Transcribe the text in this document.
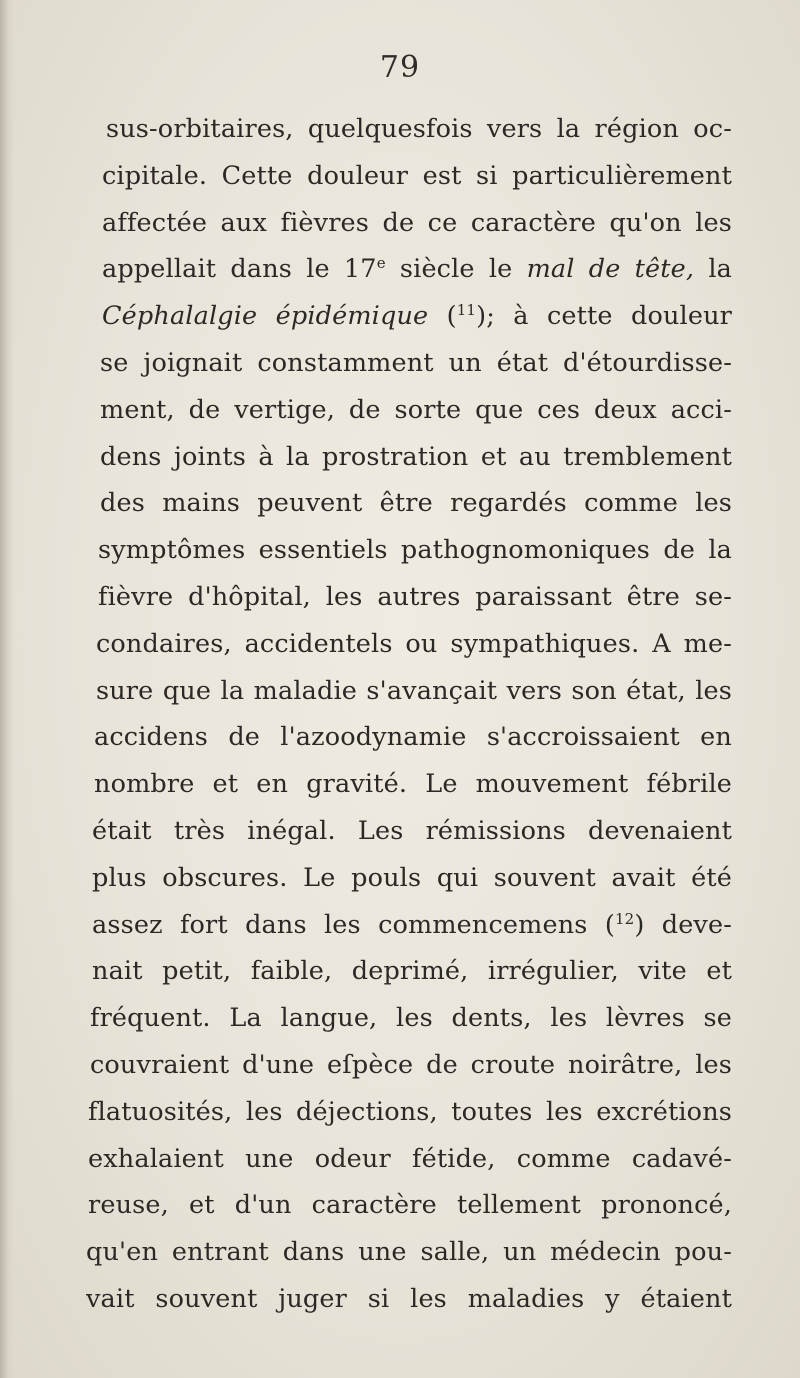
79
sus-orbitaires, quelquesfois vers la région oc-
cipitale. Cette douleur est si particulièrement
affectée aux fièvres de ce caractère qu'on les
appellait dans le 17e siècle le mal de tête, la
Céphalalgie épidémique ($^{11}$); à cette douleur
se joignait constamment un état d'étourdisse-
ment, de vertige, de sorte que ces deux acci-
dens joints à la prostration et au tremblement
des mains peuvent être regardés comme les
symptômes essentiels pathognomoniques de la
fièvre d'hôpital, les autres paraissant être se-
condaires, accidentels ou sympathiques. A me-
sure que la maladie s'avançait vers son état, les
accidens de l'azoodynamie s'accroissaient en
nombre et en gravité. Le mouvement fébrile
était très inégal. Les rémissions devenaient
plus obscures. Le pouls qui souvent avait été
assez fort dans les commencemens ($^{12}$) deve-
nait petit, faible, deprimé, irrégulier, vite et
fréquent. La langue, les dents, les lèvres se
couvraient d'une eſpèce de croute noirâtre, les
flatuosités, les déjections, toutes les excrétions
exhalaient une odeur fétide, comme cadavé-
reuse, et d'un caractère tellement prononcé,
qu'en entrant dans une salle, un médecin pou-
vait souvent juger si les maladies y étaient
